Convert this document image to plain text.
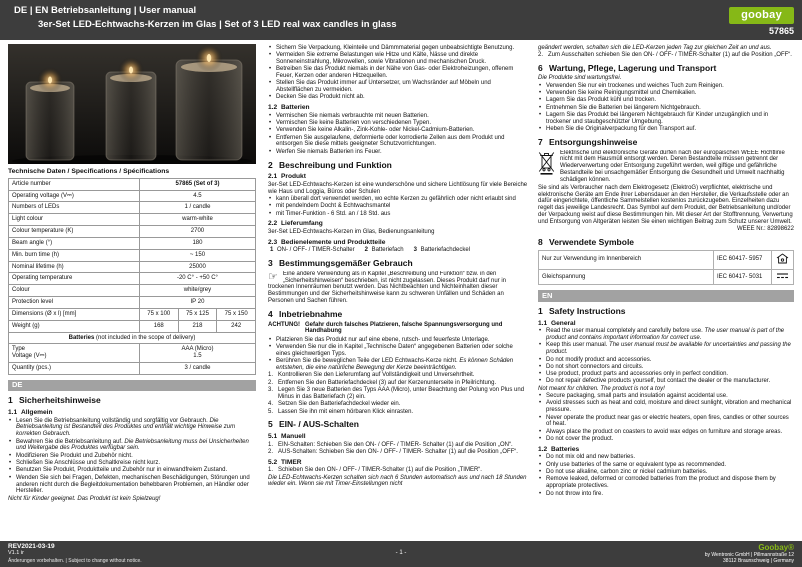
DE | EN Betriebsanleitung | User manual
3er-Set LED-Echtwachs-Kerzen im Glas | Set of 3 LED real wax candles in glass
goobay
57865
Technische Daten / Specifications / Spécifications
Article number	57865 (Set of 3)
Operating voltage (V⎓)	4.5
Numbers of LEDs	1 / candle
Light colour	warm-white
Colour temperature (K)	2700
Beam angle (°)	180
Min. burn time (h)	~ 150
Nominal lifetime (h)	25000
Operating temperature	-20 C° - +50 C°
Colour	white/grey
Protection level	IP 20
Dimensions (Ø x l) [mm]	75 x 100 75 x 125 75 x 150

Weight (g)	168 218 242

Batteries (not included in the scope of delivery)	
Type
Voltage (V⎓)	AAA (Micro)
1.5
Quantity (pcs.)	3 / candle
DE
1 Sicherheitshinweise
1.1 Allgemein
• Lesen Sie die Betriebsanleitung vollständig und sorgfältig vor Gebrauch. Die Betriebsanleitung ist Bestandteil des Produktes und enthält wichtige Hinweise zum korrekten Gebrauch.
• Bewahren Sie die Betriebsanleitung auf. Die Betriebsanleitung muss bei Unsicherheiten und Weitergabe des Produktes verfügbar sein.
• Modifizieren Sie Produkt und Zubehör nicht.
• Schließen Sie Anschlüsse und Schaltkreise nicht kurz.
• Benutzen Sie Produkt, Produktteile und Zubehör nur in einwandfreiem Zustand.
• Wenden Sie sich bei Fragen, Defekten, mechanischen Beschädigungen, Störungen und anderen nicht durch die Begleitdokumentation behebbaren Problemen, an Händler oder Hersteller.
Nicht für Kinder geeignet. Das Produkt ist kein Spielzeug!
• Sichern Sie Verpackung, Kleinteile und Dämmmaterial gegen unbeabsichtigte Benutzung.
• Vermeiden Sie extreme Belastungen wie Hitze und Kälte, Nässe und direkte Sonneneinstrahlung, Mikrowellen, sowie Vibrationen und mechanischen Druck.
• Betreiben Sie das Produkt niemals in der Nähe von Gas- oder Elektroheizungen, offenem Feuer, Kerzen oder anderen Hitzequellen.
• Stellen Sie das Produkt immer auf Untersetzer, um Wachsränder auf Möbeln und Abstellflächen zu vermeiden.
• Decken Sie das Produkt nicht ab.
1.2 Batterien
• Vermischen Sie niemals verbrauchte mit neuen Batterien.
• Vermischen Sie keine Batterien von verschiedenen Typen.
• Verwenden Sie keine Alkalin-, Zink-Kohle- oder Nickel-Cadmium-Batterien.
• Entfernen Sie ausgelaufene, deformierte oder korrodierte Zellen aus dem Produkt und entsorgen Sie diese mittels geeigneter Schutzvorrichtungen.
• Werfen Sie niemals Batterien ins Feuer.
2 Beschreibung und Funktion
2.1 Produkt
3er-Set LED-Echtwachs-Kerzen ist eine wunderschöne und sichere Lichtlösung für viele Bereiche wie Haus und Loggia, Büros oder Schulen
• kann überall dort verwendet werden, wo echte Kerzen zu gefährlich oder nicht erlaubt sind
• mit pendelndem Docht & Echtwachsmantel
• mit Timer-Funktion - 6 Std. an / 18 Std. aus
2.2 Lieferumfang
3er-Set LED-Echtwachs-Kerzen im Glas, Bedienungsanleitung
2.3 Bedienelemente und Produktteile
1 ON- / OFF- / TIMER-Schalter 2 Batteriefach 3 Batteriefachdeckel
3 Bestimmungsgemäßer Gebrauch
☞ Eine andere Verwendung als in Kapitel „Beschreibung und Funktion“ bzw. in den „Sicherheitshinweisen“ beschrieben, ist nicht zugelassen. Dieses Produkt darf nur in trockenen Innenräumen benutzt werden. Das Nichtbeachten und Nichteinhalten dieser Bestimmungen und der Sicherheitshinweise kann zu schweren Unfällen und Schäden an Personen und Sachen führen.
4 Inbetriebnahme
ACHTUNG! Gefahr durch falsches Platzieren, falsche Spannungsversorgung und Handhabung
• Platzieren Sie das Produkt nur auf eine ebene, rutsch- und feuerfeste Unterlage.
• Verwenden Sie nur die in Kapitel „Technische Daten“ angegebenen Batterien oder solche eines gleichwertigen Typs.
• Berühren Sie die beweglichen Teile der LED Echtwachs-Kerze nicht. Es können Schäden entstehen, die eine natürliche Bewegung der Kerze beeinträchtigen.
1. Kontrollieren Sie den Lieferumfang auf Vollständigkeit und Unversehrtheit.
2. Entfernen Sie den Batteriefachdeckel (3) auf der Kerzenunterseite in Pfeilrichtung.
3. Legen Sie 3 neue Batterien des Typs AAA (Micro), unter Beachtung der Polung von Plus und Minus in das Batteriefach (2) ein.
4. Setzen Sie den Batteriefachdeckel wieder ein.
5. Lassen Sie ihn mit einem hörbaren Klick einrasten.
5 EIN- / AUS-Schalten
5.1 Manuell
1. EIN-Schalten: Schieben Sie den ON- / OFF- / TIMER- Schalter (1) auf die Position „ON“.
2. AUS-Schalten: Schieben Sie den ON- / OFF- / TIMER- Schalter (1) auf die Position „OFF“.
5.2 TIMER
1. Schieben Sie den ON- / OFF- / TIMER-Schalter (1) auf die Position „TIMER“.
Die LED-Echtwachs-Kerzen schalten sich nach 6 Stunden automatisch aus und nach 18 Stunden wieder ein. Wenn sie mit Timer-Einstellungen nicht
geändert werden, schalten sich die LED-Kerzen jeden Tag zur gleichen Zeit an und aus.
2. Zum Ausschalten schieben Sie den ON- / OFF- / TIMER-Schalter (1) auf die Position „OFF“.
6 Wartung, Pflege, Lagerung und Transport
Die Produkte sind wartungsfrei.
• Verwenden Sie nur ein trockenes und weiches Tuch zum Reinigen.
• Verwenden Sie keine Reinigungsmittel und Chemikalien.
• Lagern Sie das Produkt kühl und trocken.
• Entnehmen Sie die Batterien bei längerem Nichtgebrauch.
• Lagern Sie das Produkt bei längerem Nichtgebrauch für Kinder unzugänglich und in trockener und staubgeschützter Umgebung.
• Heben Sie die Originalverpackung für den Transport auf.
7 Entsorgungshinweise
Elektrische und elektronische Geräte dürfen nach der europäischen WEEE Richtlinie nicht mit dem Hausmüll entsorgt werden. Deren Bestandteile müssen getrennt der Wiederverwertung oder Entsorgung zugeführt werden, weil giftige und gefährliche Bestandteile bei unsachgemäßer Entsorgung die Gesundheit und Umwelt nachhaltig schädigen können.
Sie sind als Verbraucher nach dem Elektrogesetz (ElektroG) verpflichtet, elektrische und elektronische Geräte am Ende ihrer Lebensdauer an den Hersteller, die Verkaufsstelle oder an dafür eingerichtete, öffentliche Sammelstellen kostenlos zurückzugeben. Einzelheiten dazu regelt das jeweilige Landesrecht. Das Symbol auf dem Produkt, der Betriebsanleitung und/oder der Verpackung weist auf diese Bestimmungen hin. Mit dieser Art der Stofftrennung, Verwertung und Entsorgung von Altgeräten leisten Sie einen wichtigen Beitrag zum Schutz unserer Umwelt.
WEEE Nr.: 82898622
8 Verwendete Symbole
Nur zur Verwendung im Innenbereich	IEC 60417- 5957	
Gleichspannung	IEC 60417- 5031	
EN
1 Safety Instructions
1.1 General
• Read the user manual completely and carefully before use. The user manual is part of the product and contains important information for correct use.
• Keep this user manual. The user manual must be available for uncertainties and passing the product.
• Do not modify product and accessories.
• Do not short connectors and circuits.
• Use product, product parts and accessories only in perfect condition.
• Do not repair defective products yourself, but contact the dealer or the manufacturer.
Not meant for children. The product is not a toy!
• Secure packaging, small parts and insulation against accidental use.
• Avoid stresses such as heat and cold, moisture and direct sunlight, vibration and mechanical pressure.
• Never operate the product near gas or electric heaters, open fires, candles or other sources of heat.
• Always place the product on coasters to avoid wax edges on furniture and storage areas.
• Do not cover the product.
1.2 Batteries
• Do not mix old and new batteries.
• Only use batteries of the same or equivalent type as recommended.
• Do not use alkaline, carbon zinc or nickel cadmium batteries.
• Remove leaked, deformed or corroded batteries from the product and dispose them by appropriate protectives.
• Do not throw into fire.
REV2021-03-19
V1.1 ir
Änderungen vorbehalten. | Subject to change without notice.
- 1 -
Goobay®
by Wentronic GmbH | Pillmannstraße 12
38112 Braunschweig | Germany
